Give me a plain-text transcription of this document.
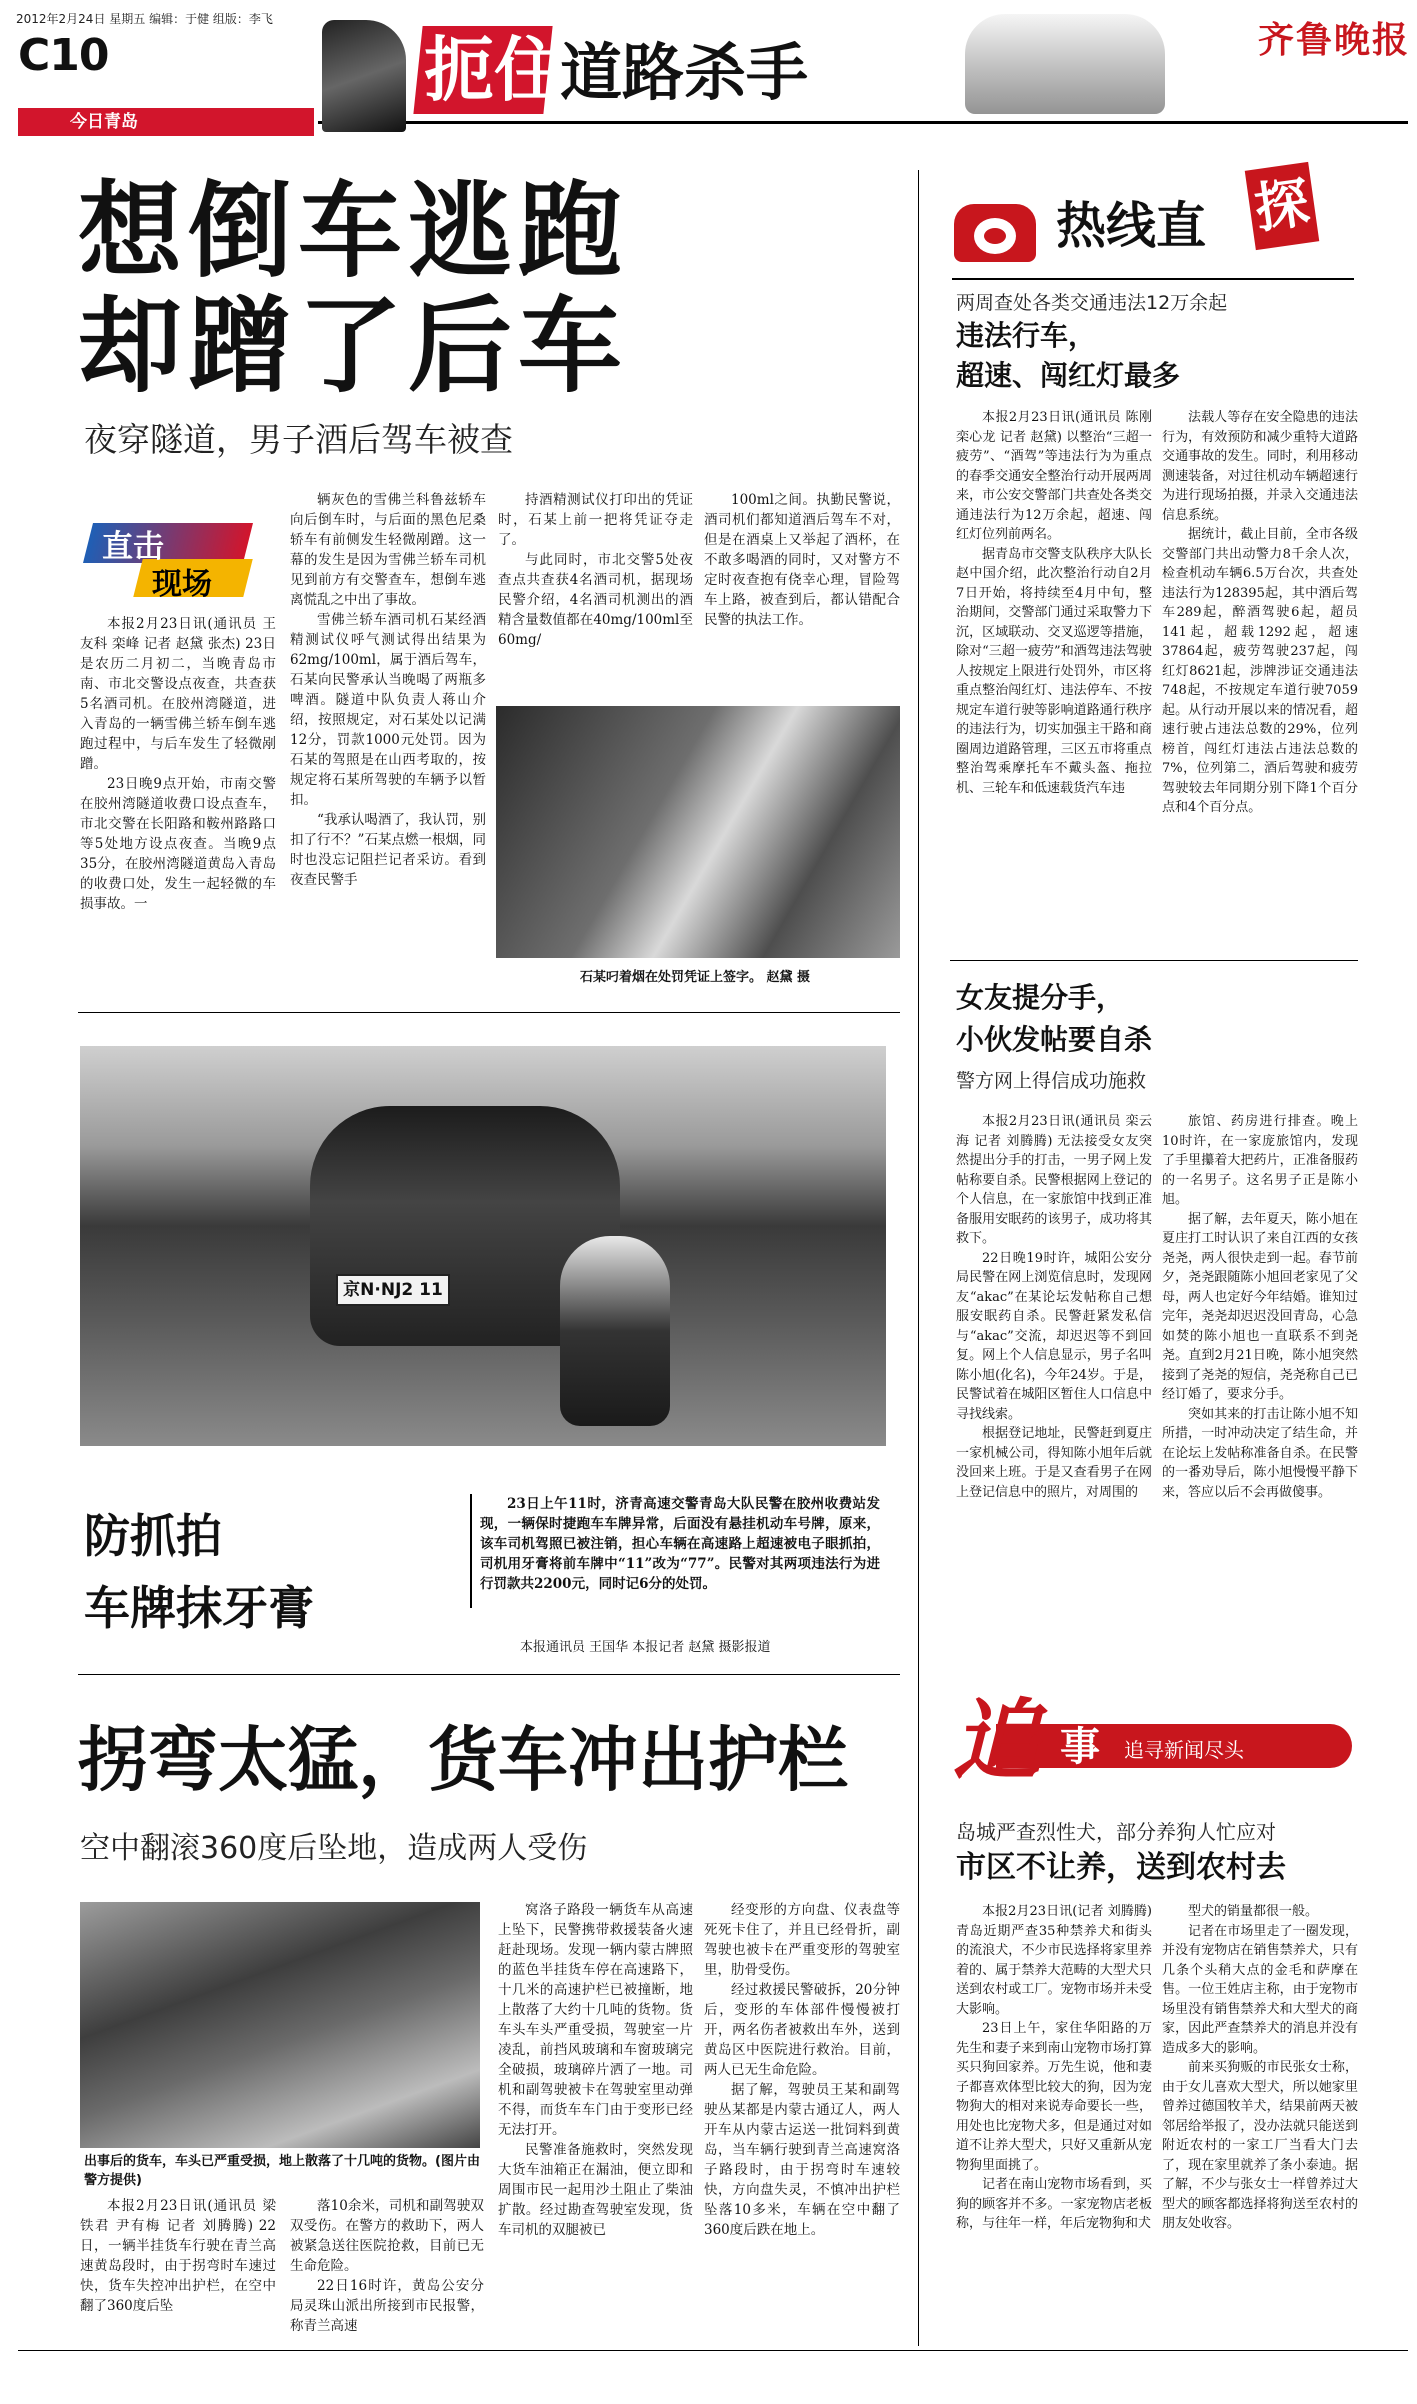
2012年2月24日 星期五 编辑：于健 组版：李飞
C10
今日青岛
扼住
道路杀手	齐鲁晚报
想倒车逃跑
却蹭了后车
夜穿隧道，男子酒后驾车被查
直击
现场

本报2月23日讯(通讯员 王友科 栾峰 记者 赵黛 张杰) 23日是农历二月初二，当晚青岛市南、市北交警设点夜查，共查获5名酒司机。在胶州湾隧道，进入青岛的一辆雪佛兰轿车倒车逃跑过程中，与后车发生了轻微剐蹭。

23日晚9点开始，市南交警在胶州湾隧道收费口设点查车，市北交警在长阳路和鞍州路路口等5处地方设点夜查。当晚9点35分，在胶州湾隧道黄岛入青岛的收费口处，发生一起轻微的车损事故。一

辆灰色的雪佛兰科鲁兹轿车向后倒车时，与后面的黑色尼桑轿车有前侧发生轻微剐蹭。这一幕的发生是因为雪佛兰轿车司机见到前方有交警查车，想倒车逃离慌乱之中出了事故。

雪佛兰轿车酒司机石某经酒精测试仪呼气测试得出结果为62mg/100ml，属于酒后驾车，石某向民警承认当晚喝了两瓶多啤酒。隧道中队负责人蒋山介绍，按照规定，对石某处以记满12分，罚款1000元处罚。因为石某的驾照是在山西考取的，按规定将石某所驾驶的车辆予以暂扣。

“我承认喝酒了，我认罚，别扣了行不？”石某点燃一根烟，同时也没忘记阻拦记者采访。看到夜查民警手

持酒精测试仪打印出的凭证时，石某上前一把将凭证夺走了。

与此同时，市北交警5处夜查点共查获4名酒司机，据现场民警介绍，4名酒司机测出的酒精含量数值都在40mg/100ml至60mg/

100ml之间。执勤民警说，酒司机们都知道酒后驾车不对，但是在酒桌上又举起了酒杯，在不敢多喝酒的同时，又对警方不定时夜查抱有侥幸心理，冒险驾车上路，被查到后，都认错配合民警的执法工作。

石某叼着烟在处罚凭证上签字。 赵黛 摄
京N·NJ2 11
防抓拍
车牌抹牙膏
23日上午11时，济青高速交警青岛大队民警在胶州收费站发现，一辆保时捷跑车车牌异常，后面没有悬挂机动车号牌，原来，该车司机驾照已被注销，担心车辆在高速路上超速被电子眼抓拍，司机用牙膏将前车牌中“11”改为“77”。民警对其两项违法行为进行罚款共2200元，同时记6分的处罚。
本报通讯员 王国华 本报记者 赵黛 摄影报道
拐弯太猛，货车冲出护栏
空中翻滚360度后坠地，造成两人受伤
出事后的货车，车头已严重受损，地上散落了十几吨的货物。(图片由警方提供)

本报2月23日讯(通讯员 梁铁君 尹有梅 记者 刘腾腾) 22日，一辆半挂货车行驶在青兰高速黄岛段时，由于拐弯时车速过快，货车失控冲出护栏，在空中翻了360度后坠

落10余米，司机和副驾驶双双受伤。在警方的救助下，两人被紧急送往医院抢救，目前已无生命危险。

22日16时许，黄岛公安分局灵珠山派出所接到市民报警，称青兰高速

窝洛子路段一辆货车从高速上坠下，民警携带救援装备火速赶赴现场。发现一辆内蒙古牌照的蓝色半挂货车停在高速路下，十几米的高速护栏已被撞断，地上散落了大约十几吨的货物。货车头车头严重受损，驾驶室一片凌乱，前挡风玻璃和车窗玻璃完全破损，玻璃碎片洒了一地。司机和副驾驶被卡在驾驶室里动弹不得，而货车车门由于变形已经无法打开。

民警准备施救时，突然发现大货车油箱正在漏油，便立即和周围市民一起用沙土阻止了柴油扩散。经过勘查驾驶室发现，货车司机的双腿被已

经变形的方向盘、仪表盘等死死卡住了，并且已经骨折，副驾驶也被卡在严重变形的驾驶室里，肋骨受伤。

经过救援民警破拆，20分钟后，变形的车体部件慢慢被打开，两名伤者被救出车外，送到黄岛区中医院进行救治。目前，两人已无生命危险。

据了解，驾驶员王某和副驾驶丛某都是内蒙古通辽人，两人开车从内蒙古运送一批饲料到黄岛，当车辆行驶到青兰高速窝洛子路段时，由于拐弯时车速较快，方向盘失灵，不慎冲出护栏坠落10多米，车辆在空中翻了360度后跌在地上。

热线直 探
两周查处各类交通违法12万余起
违法行车，
超速、闯红灯最多

本报2月23日讯(通讯员 陈刚 栾心龙 记者 赵黛) 以整治“三超一疲劳”、“酒驾”等违法行为为重点的春季交通安全整治行动开展两周来，市公安交警部门共查处各类交通违法行为12万余起，超速、闯红灯位列前两名。

据青岛市交警支队秩序大队长赵中国介绍，此次整治行动自2月7日开始，将持续至4月中旬，整治期间，交警部门通过采取警力下沉，区域联动、交叉巡逻等措施，除对“三超一疲劳”和酒驾违法驾驶人按规定上限进行处罚外，市区将重点整治闯红灯、违法停车、不按规定车道行驶等影响道路通行秩序的违法行为，切实加强主干路和商圈周边道路管理，三区五市将重点整治驾乘摩托车不戴头盔、拖拉机、三轮车和低速载货汽车违

法载人等存在安全隐患的违法行为，有效预防和减少重特大道路交通事故的发生。同时，利用移动测速装备，对过往机动车辆超速行为进行现场拍摄，并录入交通违法信息系统。

据统计，截止目前，全市各级交警部门共出动警力8千余人次，检查机动车辆6.5万台次，共查处违法行为128395起，其中酒后驾车289起，醉酒驾驶6起，超员141起，超载1292起，超速37864起，疲劳驾驶237起，闯红灯8621起，涉牌涉证交通违法748起，不按规定车道行驶7059起。从行动开展以来的情况看，超速行驶占违法总数的29%，位列榜首，闯红灯违法占违法总数的7%，位列第二，酒后驾驶和疲劳驾驶较去年同期分别下降1个百分点和4个百分点。

女友提分手，
小伙发帖要自杀
警方网上得信成功施救

本报2月23日讯(通讯员 栾云海 记者 刘腾腾) 无法接受女友突然提出分手的打击，一男子网上发帖称要自杀。民警根据网上登记的个人信息，在一家旅馆中找到正准备服用安眠药的该男子，成功将其救下。

22日晚19时许，城阳公安分局民警在网上浏览信息时，发现网友“akac”在某论坛发帖称自己想服安眠药自杀。民警赶紧发私信与“akac”交流，却迟迟等不到回复。网上个人信息显示，男子名叫陈小旭(化名)，今年24岁。于是，民警试着在城阳区暂住人口信息中寻找线索。

根据登记地址，民警赶到夏庄一家机械公司，得知陈小旭年后就没回来上班。于是又查看男子在网上登记信息中的照片，对周围的

旅馆、药房进行排查。晚上10时许，在一家庞旅馆内，发现了手里攥着大把药片，正准备服药的一名男子。这名男子正是陈小旭。

据了解，去年夏天，陈小旭在夏庄打工时认识了来自江西的女孩尧尧，两人很快走到一起。春节前夕，尧尧跟随陈小旭回老家见了父母，两人也定好今年结婚。谁知过完年，尧尧却迟迟没回青岛，心急如焚的陈小旭也一直联系不到尧尧。直到2月21日晚，陈小旭突然接到了尧尧的短信，尧尧称自己已经订婚了，要求分手。

突如其来的打击让陈小旭不知所措，一时冲动决定了结生命，并在论坛上发帖称准备自杀。在民警的一番劝导后，陈小旭慢慢平静下来，答应以后不会再做傻事。

追 事
zhuishi
追寻新闻尽头
岛城严查烈性犬，部分养狗人忙应对
市区不让养，送到农村去

本报2月23日讯(记者 刘腾腾) 青岛近期严查35种禁养犬和街头的流浪犬，不少市民选择将家里养着的、属于禁养大范畴的大型犬只送到农村或工厂。宠物市场并未受大影响。

23日上午，家住华阳路的万先生和妻子来到南山宠物市场打算买只狗回家养。万先生说，他和妻子都喜欢体型比较大的狗，因为宠物狗大的相对来说寿命要长一些，用处也比宠物犬多，但是通过对如道不让养大型犬，只好又重新从宠物狗里面挑了。

记者在南山宠物市场看到，买狗的顾客并不多。一家宠物店老板称，与往年一样，年后宠物狗和犬

型犬的销量都很一般。

记者在市场里走了一圈发现，并没有宠物店在销售禁养犬，只有几条个头稍大点的金毛和萨摩在售。一位王姓店主称，由于宠物市场里没有销售禁养犬和大型犬的商家，因此严查禁养犬的消息并没有造成多大的影响。

前来买狗贩的市民张女士称，由于女儿喜欢大型犬，所以她家里曾养过德国牧羊犬，结果前两天被邻居给举报了，没办法就只能送到附近农村的一家工厂当看大门去了，现在家里就养了条小泰迪。据了解，不少与张女士一样曾养过大型犬的顾客都选择将狗送至农村的朋友处收容。
